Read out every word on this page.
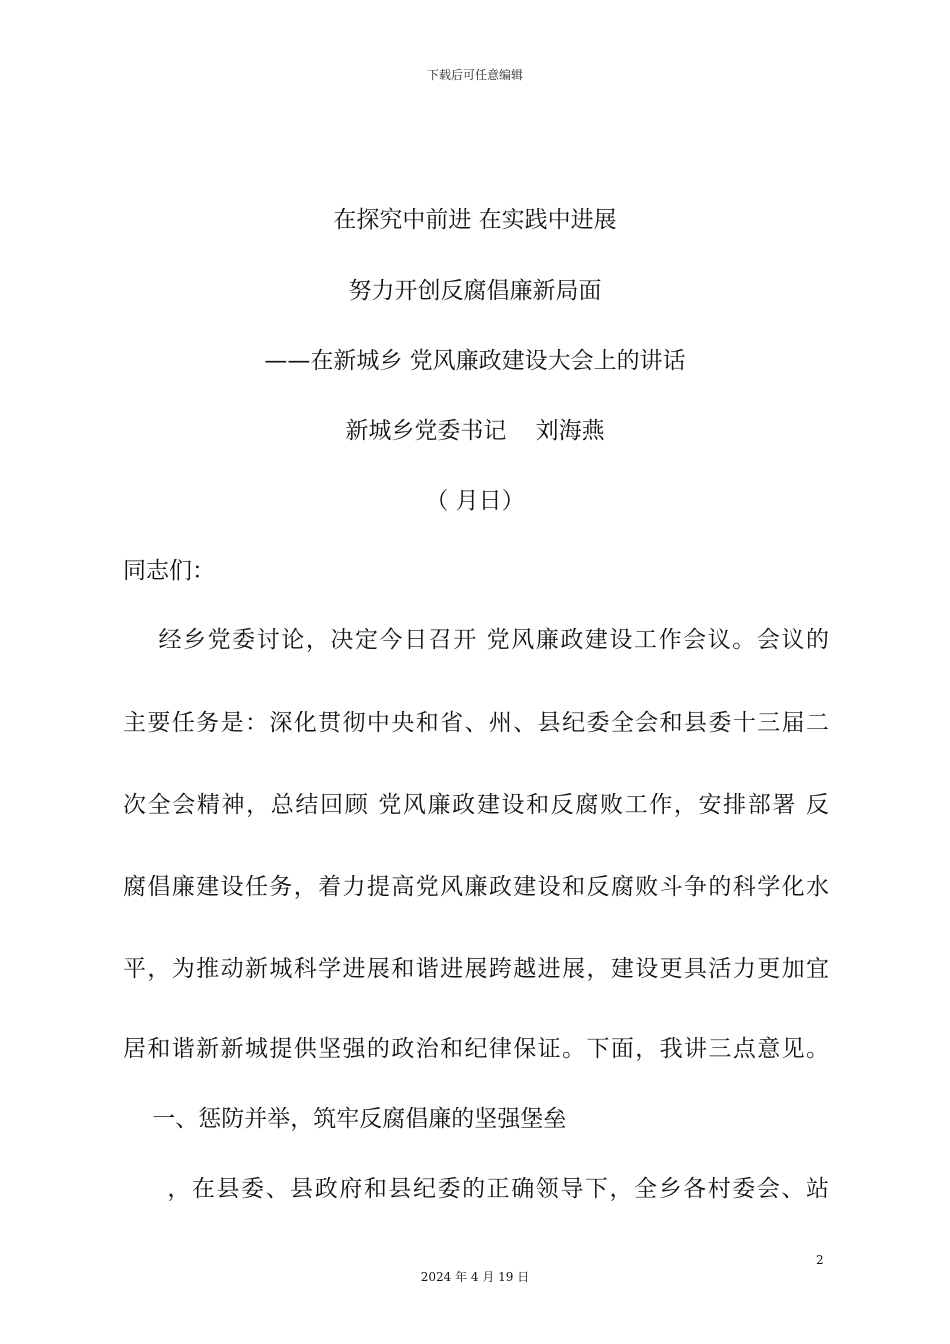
下载后可任意编辑
在探究中前进 在实践中进展
努力开创反腐倡廉新局面
——在新城乡 党风廉政建设大会上的讲话
新城乡党委书记    刘海燕
（ 月日）
同志们：
经乡党委讨论，决定今日召开 党风廉政建设工作会议。会议的
主要任务是：深化贯彻中央和省、州、县纪委全会和县委十三届二
次全会精神，总结回顾 党风廉政建设和反腐败工作，安排部署 反
腐倡廉建设任务，着力提高党风廉政建设和反腐败斗争的科学化水
平，为推动新城科学进展和谐进展跨越进展，建设更具活力更加宜
居和谐新新城提供坚强的政治和纪律保证。下面，我讲三点意见。
一、惩防并举，筑牢反腐倡廉的坚强堡垒
，在县委、县政府和县纪委的正确领导下，全乡各村委会、站
2
2024 年 4 月 19 日
